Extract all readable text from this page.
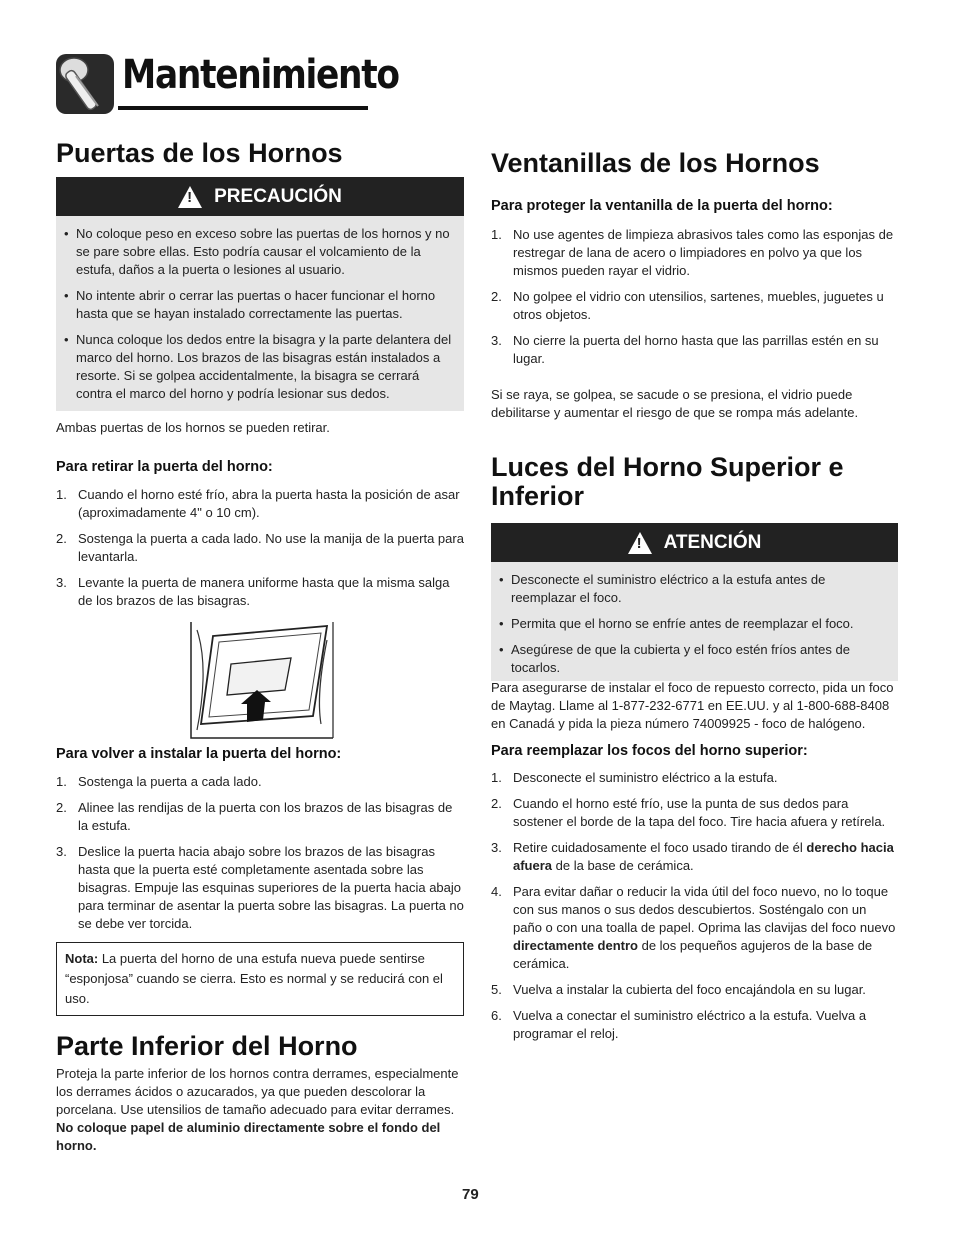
Mantenimiento
Puertas de los Hornos
!
PRECAUCIÓN
• No coloque peso en exceso sobre las puertas de los hornos y no se pare sobre ellas. Esto podría causar el volcamiento de la estufa, daños a la puerta o lesiones al usuario.
• No intente abrir o cerrar las puertas o hacer funcionar el horno hasta que se hayan instalado correctamente las puertas.
• Nunca coloque los dedos entre la bisagra y la parte delantera del marco del horno. Los brazos de las bisagras están instalados a resorte. Si se golpea accidentalmente, la bisagra se cerrará contra el marco del horno y podría lesionar sus dedos.

Ambas puertas de los hornos se pueden retirar.

Para retirar la puerta del horno:

1. Cuando el horno esté frío, abra la puerta hasta la posición de asar (aproximadamente 4" o 10 cm).
2. Sostenga la puerta a cada lado. No use la manija de la puerta para levantarla.
3. Levante la puerta de manera uniforme hasta que la misma salga de los brazos de las bisagras.

Para volver a instalar la puerta del horno:

1. Sostenga la puerta a cada lado.
2. Alinee las rendijas de la puerta con los brazos de las bisagras de la estufa.
3. Deslice la puerta hacia abajo sobre los brazos de las bisagras hasta que la puerta esté completamente asentada sobre las bisagras. Empuje las esquinas superiores de la puerta hacia abajo para terminar de asentar la puerta sobre las bisagras. La puerta no se debe ver torcida.
Nota: La puerta del horno de una estufa nueva puede sentirse “esponjosa” cuando se cierra. Esto es normal y se reducirá con el uso.
Parte Inferior del Horno

Proteja la parte inferior de los hornos contra derrames, especialmente los derrames ácidos o azucarados, ya que pueden descolorar la porcelana. Use utensilios de tamaño adecuado para evitar derrames. No coloque papel de aluminio directamente sobre el fondo del horno.

Ventanillas de los Hornos

Para proteger la ventanilla de la puerta del horno:

1. No use agentes de limpieza abrasivos tales como las esponjas de restregar de lana de acero o limpiadores en polvo ya que los mismos pueden rayar el vidrio.
2. No golpee el vidrio con utensilios, sartenes, muebles, juguetes u otros objetos.
3. No cierre la puerta del horno hasta que las parrillas estén en su lugar.

Si se raya, se golpea, se sacude o se presiona, el vidrio puede debilitarse y aumentar el riesgo de que se rompa más adelante.

Luces del Horno Superior e Inferior
!
ATENCIÓN
• Desconecte el suministro eléctrico a la estufa antes de reemplazar el foco.
• Permita que el horno se enfríe antes de reemplazar el foco.
• Asegúrese de que la cubierta y el foco estén fríos antes de tocarlos.

Para asegurarse de instalar el foco de repuesto correcto, pida un foco de Maytag. Llame al 1-877-232-6771 en EE.UU. y al 1-800-688-8408 en Canadá y pida la pieza número 74009925 - foco de halógeno.

Para reemplazar los focos del horno superior:

1. Desconecte el suministro eléctrico a la estufa.
2. Cuando el horno esté frío, use la punta de sus dedos para sostener el borde de la tapa del foco. Tire hacia afuera y retírela.
3. Retire cuidadosamente el foco usado tirando de él derecho hacia afuera de la base de cerámica.
4. Para evitar dañar o reducir la vida útil del foco nuevo, no lo toque con sus manos o sus dedos descubiertos. Sosténgalo con un paño o con una toalla de papel. Oprima las clavijas del foco nuevo directamente dentro de los pequeños agujeros de la base de cerámica.
5. Vuelva a instalar la cubierta del foco encajándola en su lugar.
6. Vuelva a conectar el suministro eléctrico a la estufa. Vuelva a programar el reloj.
79
